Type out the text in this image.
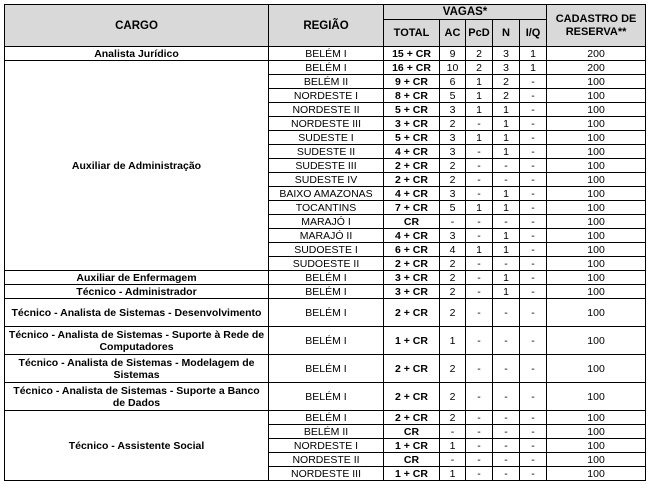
CARGO	REGIÃO	VAGAS*					CADASTRO DE RESERVA**
		TOTAL	AC	PcD	N	I/Q	
Analista Jurídico	BELÉM I	15 + CR	9	2	3	1	200
Auxiliar de Administração	BELÉM I	16 + CR	10	2	3	1	200
	BELÉM II	9 + CR	6	1	2	-	100
	NORDESTE I	8 + CR	5	1	2	-	100
	NORDESTE II	5 + CR	3	1	1	-	100
	NORDESTE III	3 + CR	2	-	1	-	100
	SUDESTE I	5 + CR	3	1	1	-	100
	SUDESTE II	4 + CR	3	-	1	-	100
	SUDESTE III	2 + CR	2	-	-	-	100
	SUDESTE IV	2 + CR	2	-	-	-	100
	BAIXO AMAZONAS	4 + CR	3	-	1	-	100
	TOCANTINS	7 + CR	5	1	1	-	100
	MARAJÓ I	CR	-	-	-	-	100
	MARAJÓ II	4 + CR	3	-	1	-	100
	SUDOESTE I	6 + CR	4	1	1	-	100
	SUDOESTE II	2 + CR	2	-	-	-	100
Auxiliar de Enfermagem	BELÉM I	3 + CR	2	-	1	-	100
Técnico - Administrador	BELÉM I	3 + CR	2	-	1	-	100
Técnico - Analista de Sistemas - Desenvolvimento	BELÉM I	2 + CR	2	-	-	-	100
Técnico - Analista de Sistemas - Suporte à Rede de Computadores	BELÉM I	1 + CR	1	-	-	-	100
Técnico - Analista de Sistemas - Modelagem de Sistemas	BELÉM I	2 + CR	2	-	-	-	100
Técnico - Analista de Sistemas - Suporte a Banco de Dados	BELÉM I	2 + CR	2	-	-	-	100
Técnico - Assistente Social	BELÉM I	2 + CR	2	-	-	-	100
	BELÉM II	CR	-	-	-	-	100
	NORDESTE I	1 + CR	1	-	-	-	100
	NORDESTE II	CR	-	-	-	-	100
	NORDESTE III	1 + CR	1	-	-	-	100
